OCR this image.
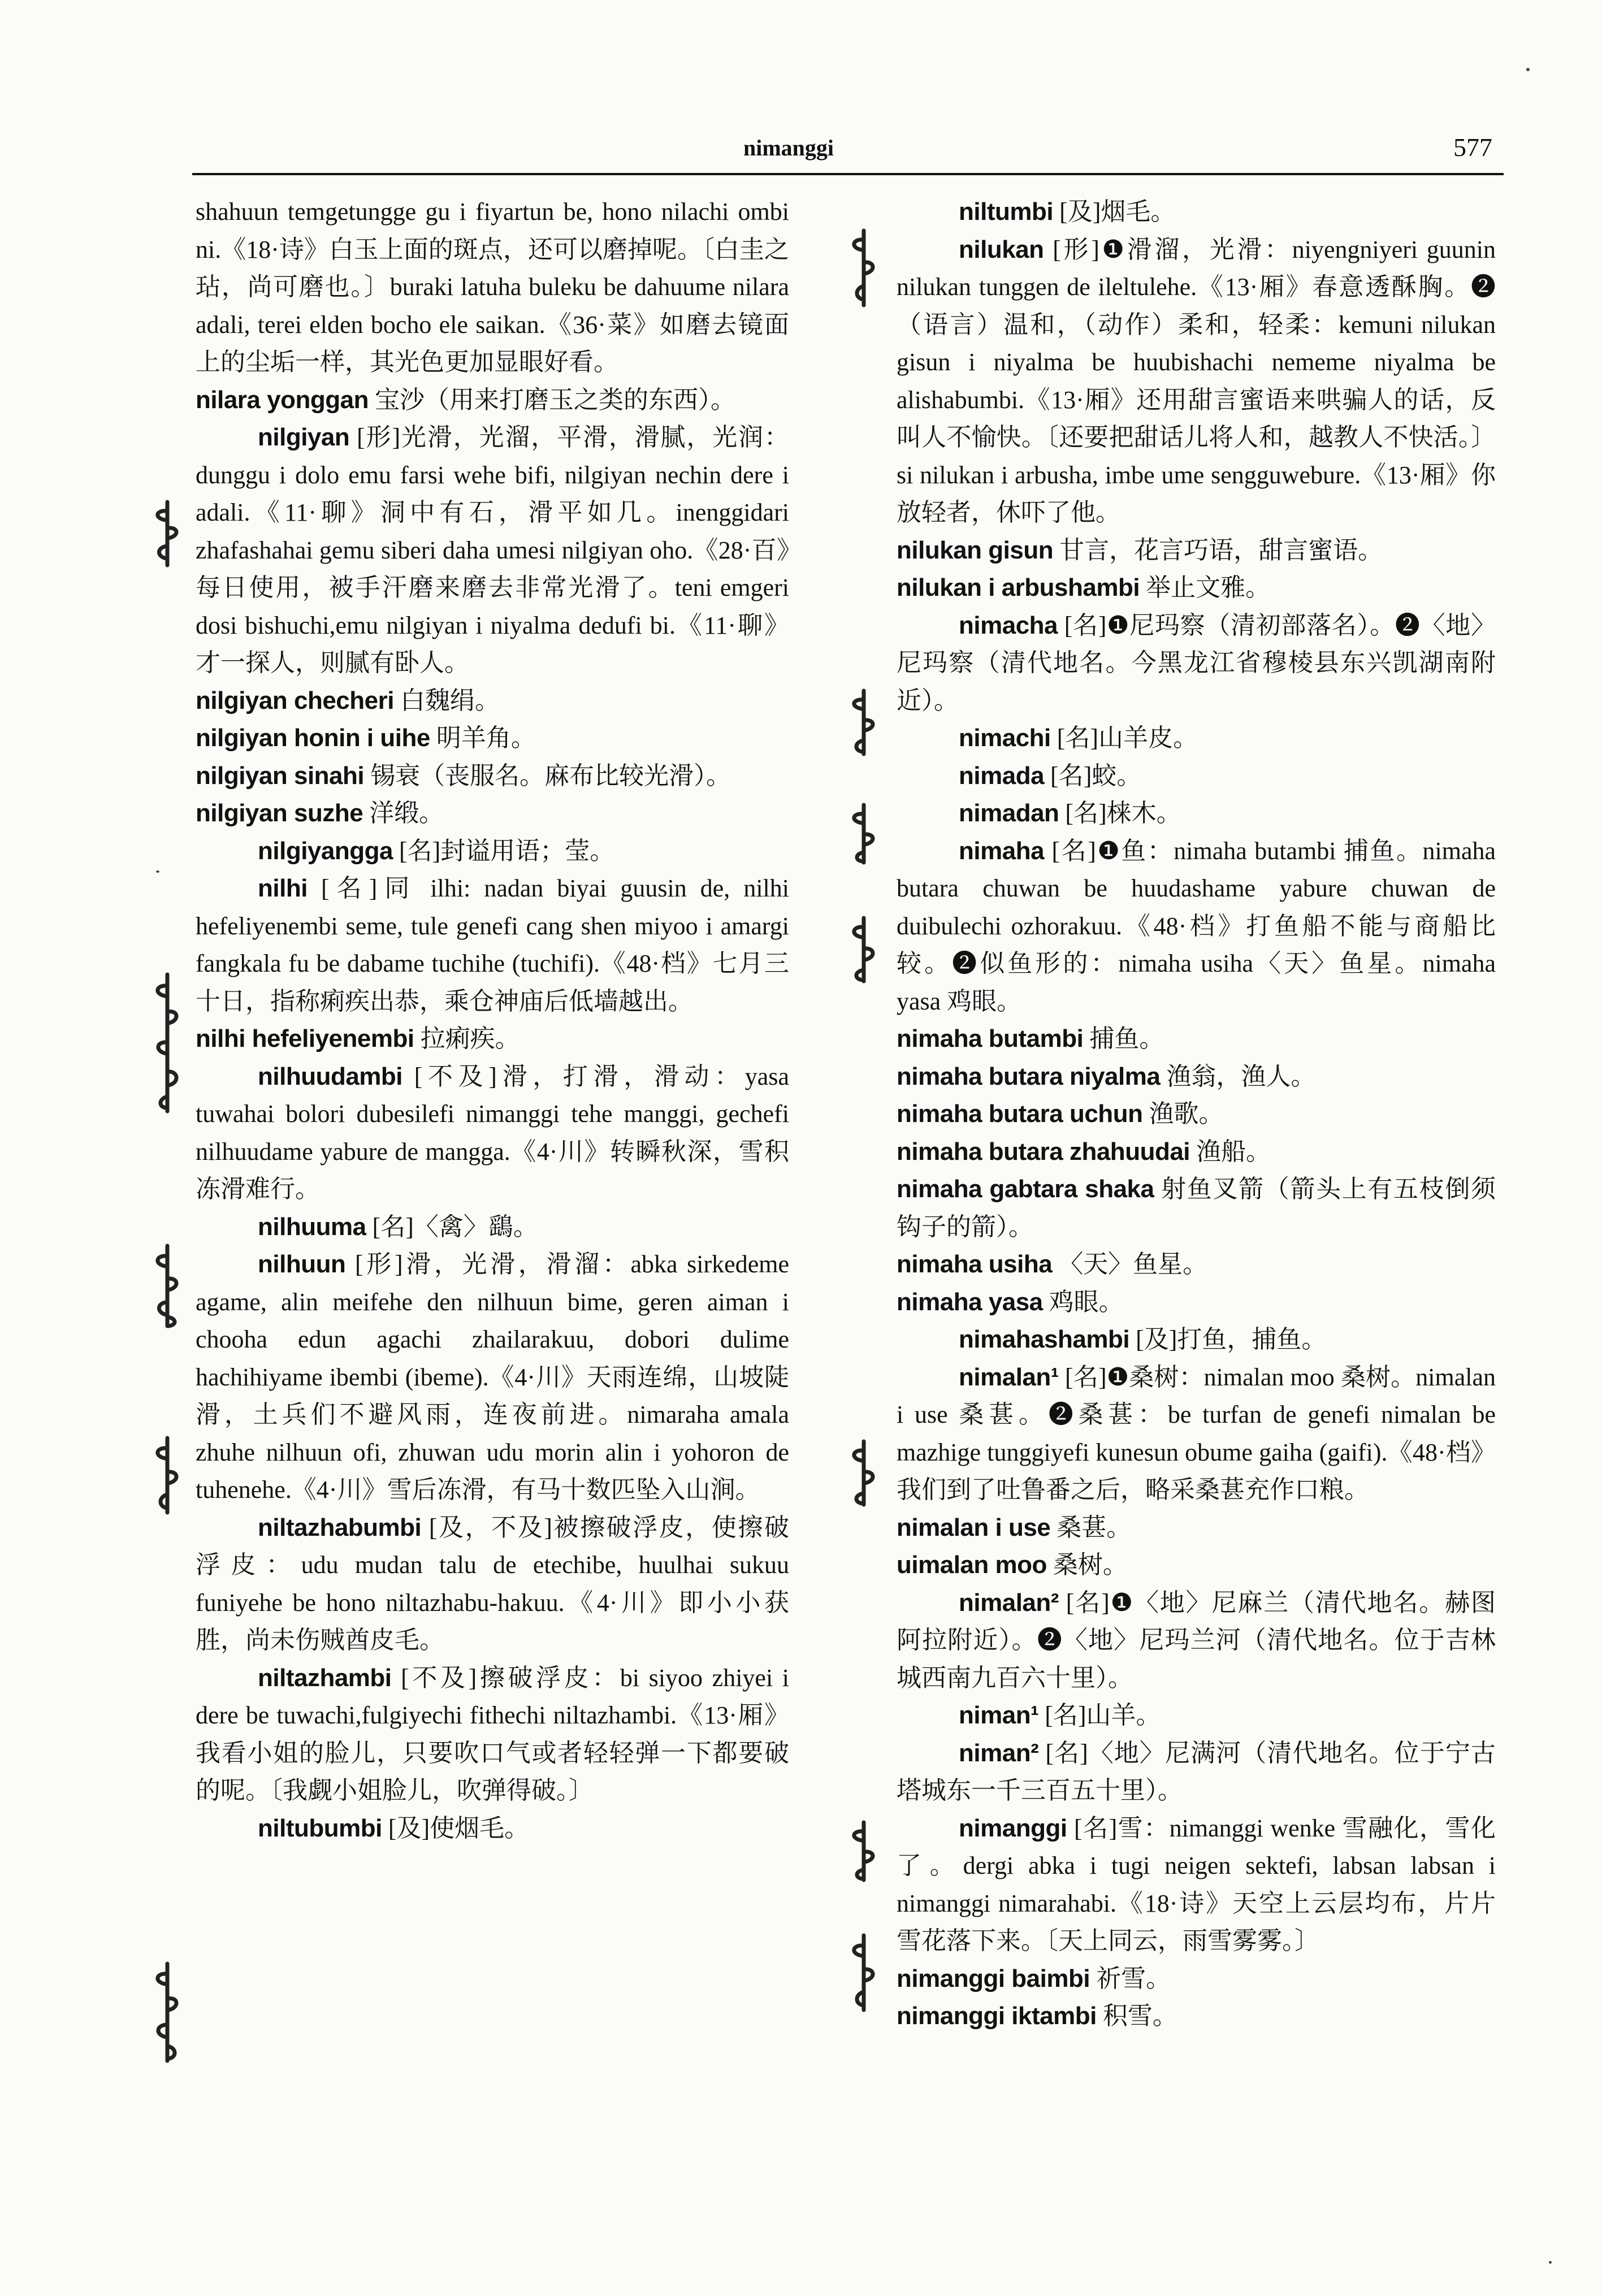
nimanggi	577

shahuun temgetungge gu i fiyartun be, hono nilachi ombi ni.《18·诗》白玉上面的斑点，还可以磨掉呢。〔白圭之玷，尚可磨也。〕buraki latuha buleku be dahuume nilara adali, terei elden bocho ele saikan.《36·菜》如磨去镜面上的尘垢一样，其光色更加显眼好看。

nilara yonggan 宝沙（用来打磨玉之类的东西）。

nilgiyan [形]光滑，光溜，平滑，滑腻，光润：dunggu i dolo emu farsi wehe bifi, nilgiyan nechin dere i adali.《11·聊》洞中有石，滑平如几。inenggidari zhafashahai gemu siberi daha umesi nilgiyan oho.《28·百》每日使用，被手汗磨来磨去非常光滑了。teni emgeri dosi bishuchi,emu nilgiyan i niyalma dedufi bi.《11·聊》才一探人，则腻有卧人。

nilgiyan checheri 白魏绢。

nilgiyan honin i uihe 明羊角。

nilgiyan sinahi 锡衰（丧服名。麻布比较光滑）。

nilgiyan suzhe 洋缎。

nilgiyangga [名]封谥用语；莹。

nilhi [名]同 ilhi: nadan biyai guusin de, nilhi hefeliyenembi seme, tule genefi cang shen miyoo i amargi fangkala fu be dabame tuchihe (tuchifi).《48·档》七月三十日，指称痢疾出恭，乘仓神庙后低墙越出。

nilhi hefeliyenembi 拉痢疾。

nilhuudambi [不及]滑，打滑，滑动：yasa tuwahai bolori dubesilefi nimanggi tehe manggi, gechefi nilhuudame yabure de mangga.《4·川》转瞬秋深，雪积冻滑难行。

nilhuuma [名]〈禽〉鷂。

nilhuun [形]滑，光滑，滑溜：abka sirkedeme agame, alin meifehe den nilhuun bime, geren aiman i chooha edun agachi zhailarakuu, dobori dulime hachihiyame ibembi (ibeme).《4·川》天雨连绵，山坡陡滑，土兵们不避风雨，连夜前进。nimaraha amala zhuhe nilhuun ofi, zhuwan udu morin alin i yohoron de tuhenehe.《4·川》雪后冻滑，有马十数匹坠入山涧。

niltazhabumbi [及，不及]被擦破浮皮，使擦破浮皮：udu mudan talu de etechibe, huulhai sukuu funiyehe be hono niltazhabu-hakuu.《4·川》即小小获胜，尚未伤贼酋皮毛。

niltazhambi [不及]擦破浮皮：bi siyoo zhiyei i dere be tuwachi,fulgiyechi fithechi niltazhambi.《13·厢》我看小姐的脸儿，只要吹口气或者轻轻弹一下都要破的呢。〔我觑小姐脸儿，吹弹得破。〕

niltubumbi [及]使烟毛。

niltumbi [及]烟毛。

nilukan [形]❶滑溜，光滑：niyengniyeri guunin nilukan tunggen de ileltulehe.《13·厢》春意透酥胸。❷（语言）温和，（动作）柔和，轻柔：kemuni nilukan gisun i niyalma be huubishachi nememe niyalma be alishabumbi.《13·厢》还用甜言蜜语来哄骗人的话，反叫人不愉快。〔还要把甜话儿将人和，越教人不快活。〕si nilukan i arbusha, imbe ume sengguwebure.《13·厢》你放轻者，休吓了他。

nilukan gisun 甘言，花言巧语，甜言蜜语。

nilukan i arbushambi 举止文雅。

nimacha [名]❶尼玛察（清初部落名）。❷〈地〉尼玛察（清代地名。今黑龙江省穆棱县东兴凯湖南附近）。

nimachi [名]山羊皮。

nimada [名]蛟。

nimadan [名]梾木。

nimaha [名]❶鱼：nimaha butambi 捕鱼。nimaha butara chuwan be huudashame yabure chuwan de duibulechi ozhorakuu.《48·档》打鱼船不能与商船比较。❷似鱼形的：nimaha usiha〈天〉鱼星。nimaha yasa 鸡眼。

nimaha butambi 捕鱼。

nimaha butara niyalma 渔翁，渔人。

nimaha butara uchun 渔歌。

nimaha butara zhahuudai 渔船。

nimaha gabtara shaka 射鱼叉箭（箭头上有五枝倒须钩子的箭）。

nimaha usiha 〈天〉鱼星。

nimaha yasa 鸡眼。

nimahashambi [及]打鱼，捕鱼。

nimalan¹ [名]❶桑树：nimalan moo 桑树。nimalan i use 桑葚。❷桑葚：be turfan de genefi nimalan be mazhige tunggiyefi kunesun obume gaiha (gaifi).《48·档》我们到了吐鲁番之后，略采桑葚充作口粮。

nimalan i use 桑葚。

uimalan moo 桑树。

nimalan² [名]❶〈地〉尼麻兰（清代地名。赫图阿拉附近）。❷〈地〉尼玛兰河（清代地名。位于吉林城西南九百六十里）。

niman¹ [名]山羊。

niman² [名]〈地〉尼满河（清代地名。位于宁古塔城东一千三百五十里）。

nimanggi [名]雪：nimanggi wenke 雪融化，雪化了。dergi abka i tugi neigen sektefi, labsan labsan i nimanggi nimarahabi.《18·诗》天空上云层均布，片片雪花落下来。〔天上同云，雨雪雾雾。〕

nimanggi baimbi 祈雪。

nimanggi iktambi 积雪。
